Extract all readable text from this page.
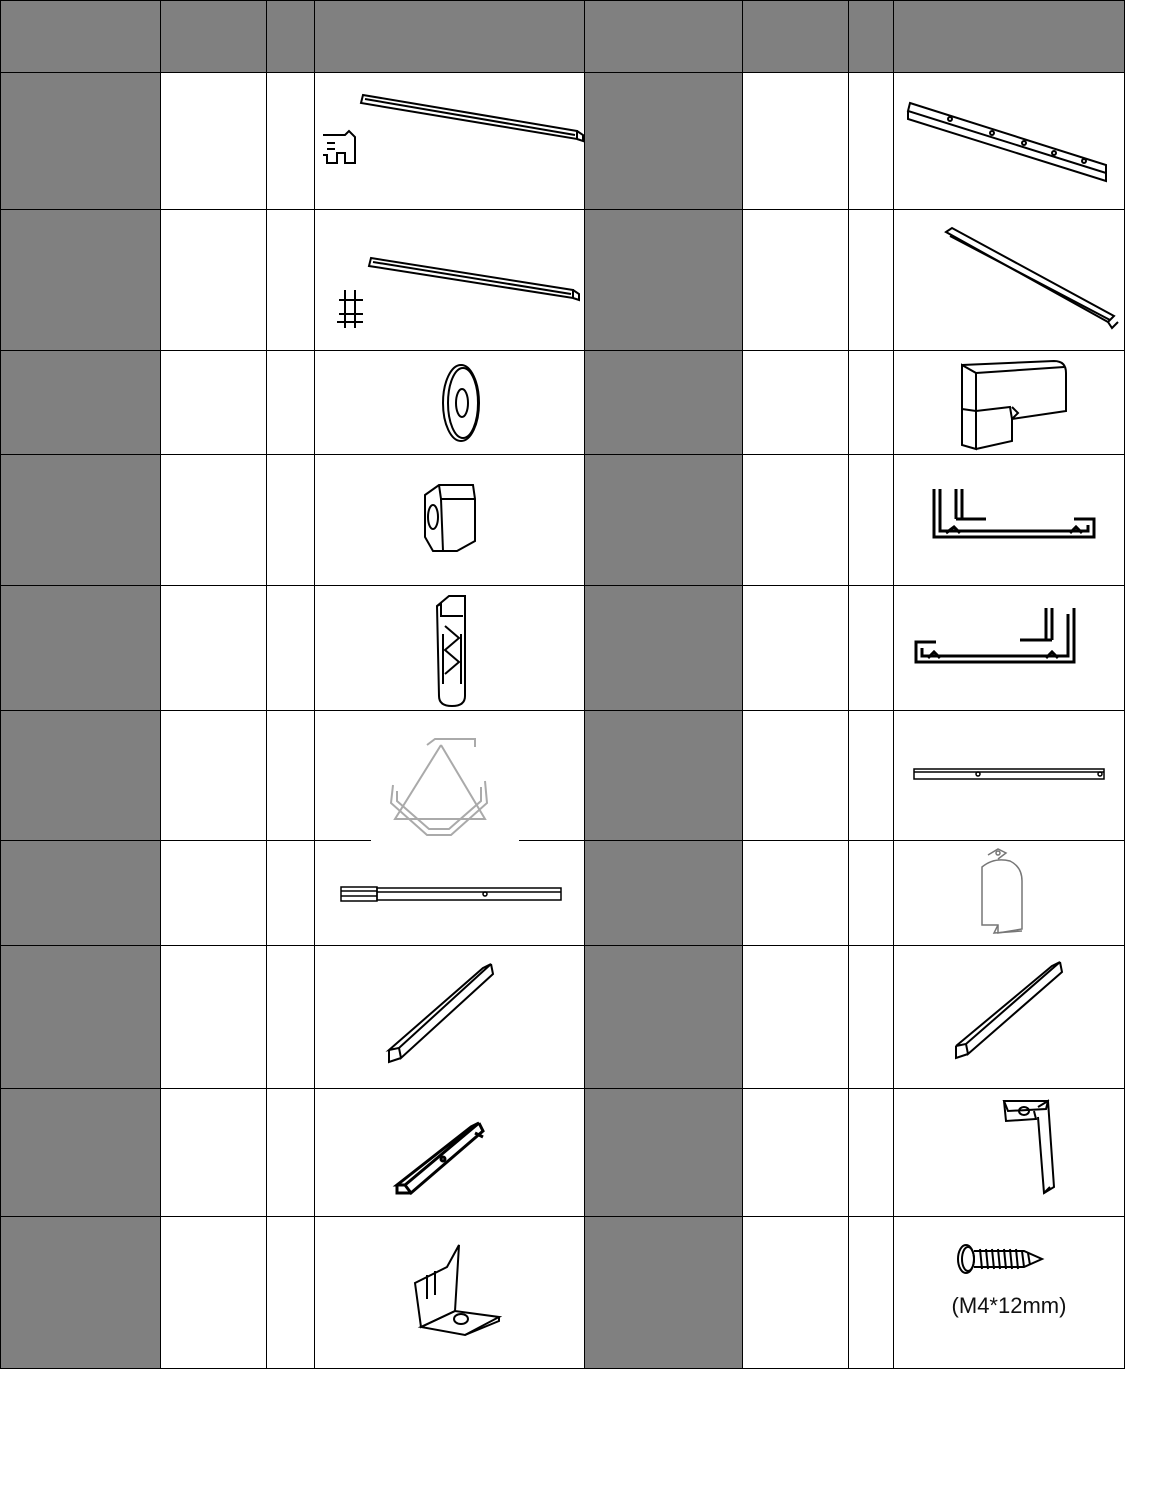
(M4*12mm)
